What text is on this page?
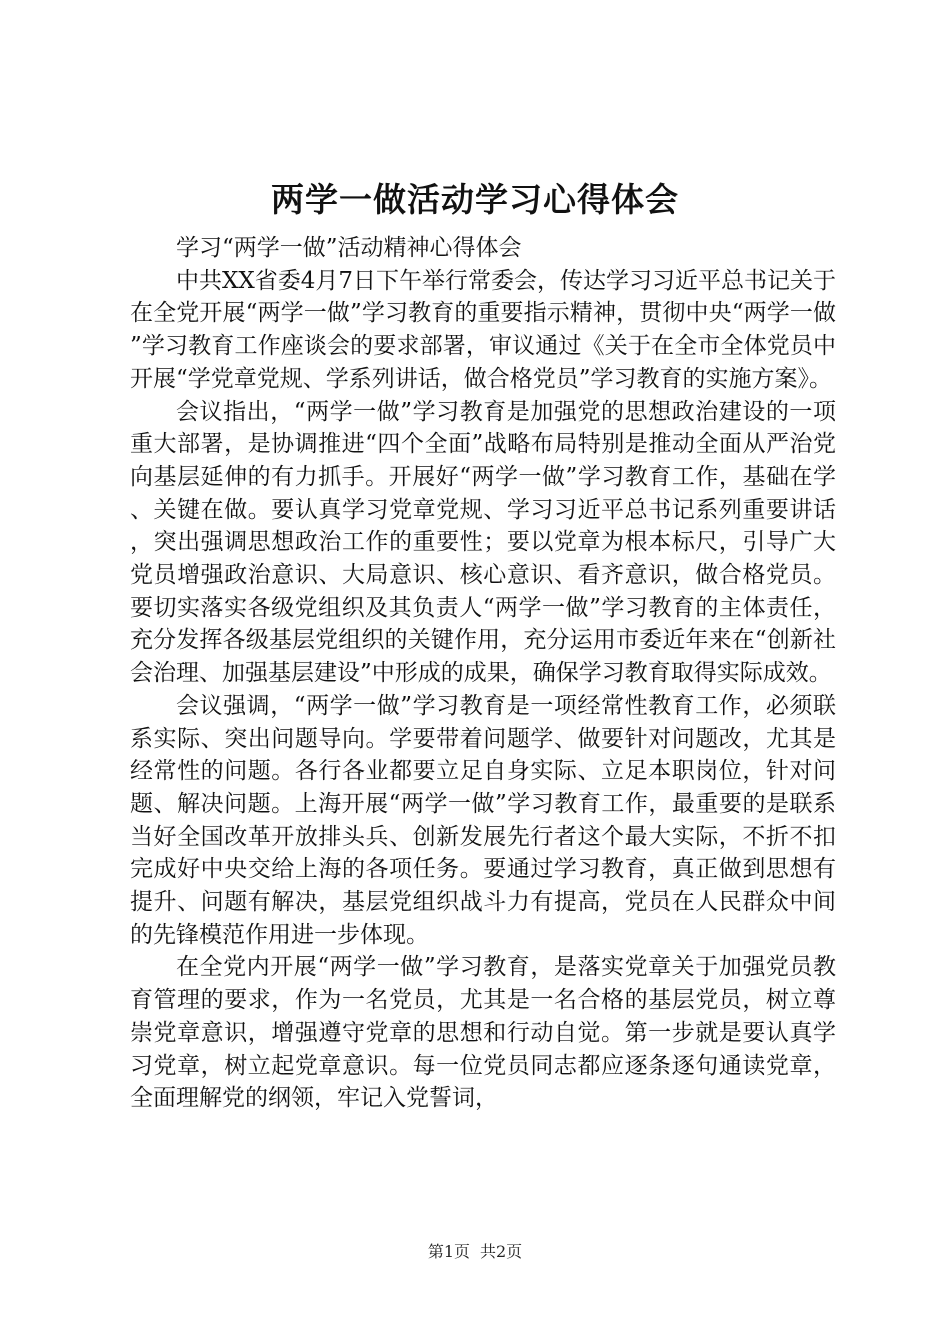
两学一做活动学习心得体会

学习“两学一做”活动精神心得体会

中共XX省委4月7日下午举行常委会，传达学习习近平总书记关于在全党开展“两学一做”学习教育的重要指示精神，贯彻中央“两学一做”学习教育工作座谈会的要求部署，审议通过《关于在全市全体党员中开展“学党章党规、学系列讲话，做合格党员”学习教育的实施方案》。

会议指出，“两学一做”学习教育是加强党的思想政治建设的一项重大部署，是协调推进“四个全面”战略布局特别是推动全面从严治党向基层延伸的有力抓手。开展好“两学一做”学习教育工作，基础在学、关键在做。要认真学习党章党规、学习习近平总书记系列重要讲话，突出强调思想政治工作的重要性；要以党章为根本标尺，引导广大党员增强政治意识、大局意识、核心意识、看齐意识，做合格党员。要切实落实各级党组织及其负责人“两学一做”学习教育的主体责任，充分发挥各级基层党组织的关键作用，充分运用市委近年来在“创新社会治理、加强基层建设”中形成的成果，确保学习教育取得实际成效。

会议强调，“两学一做”学习教育是一项经常性教育工作，必须联系实际、突出问题导向。学要带着问题学、做要针对问题改，尤其是经常性的问题。各行各业都要立足自身实际、立足本职岗位，针对问题、解决问题。上海开展“两学一做”学习教育工作，最重要的是联系当好全国改革开放排头兵、创新发展先行者这个最大实际，不折不扣完成好中央交给上海的各项任务。要通过学习教育，真正做到思想有提升、问题有解决，基层党组织战斗力有提高，党员在人民群众中间的先锋模范作用进一步体现。

在全党内开展“两学一做”学习教育，是落实党章关于加强党员教育管理的要求，作为一名党员，尤其是一名合格的基层党员，树立尊崇党章意识，增强遵守党章的思想和行动自觉。第一步就是要认真学习党章，树立起党章意识。每一位党员同志都应逐条逐句通读党章，全面理解党的纲领，牢记入党誓词，

第1页 共2页
